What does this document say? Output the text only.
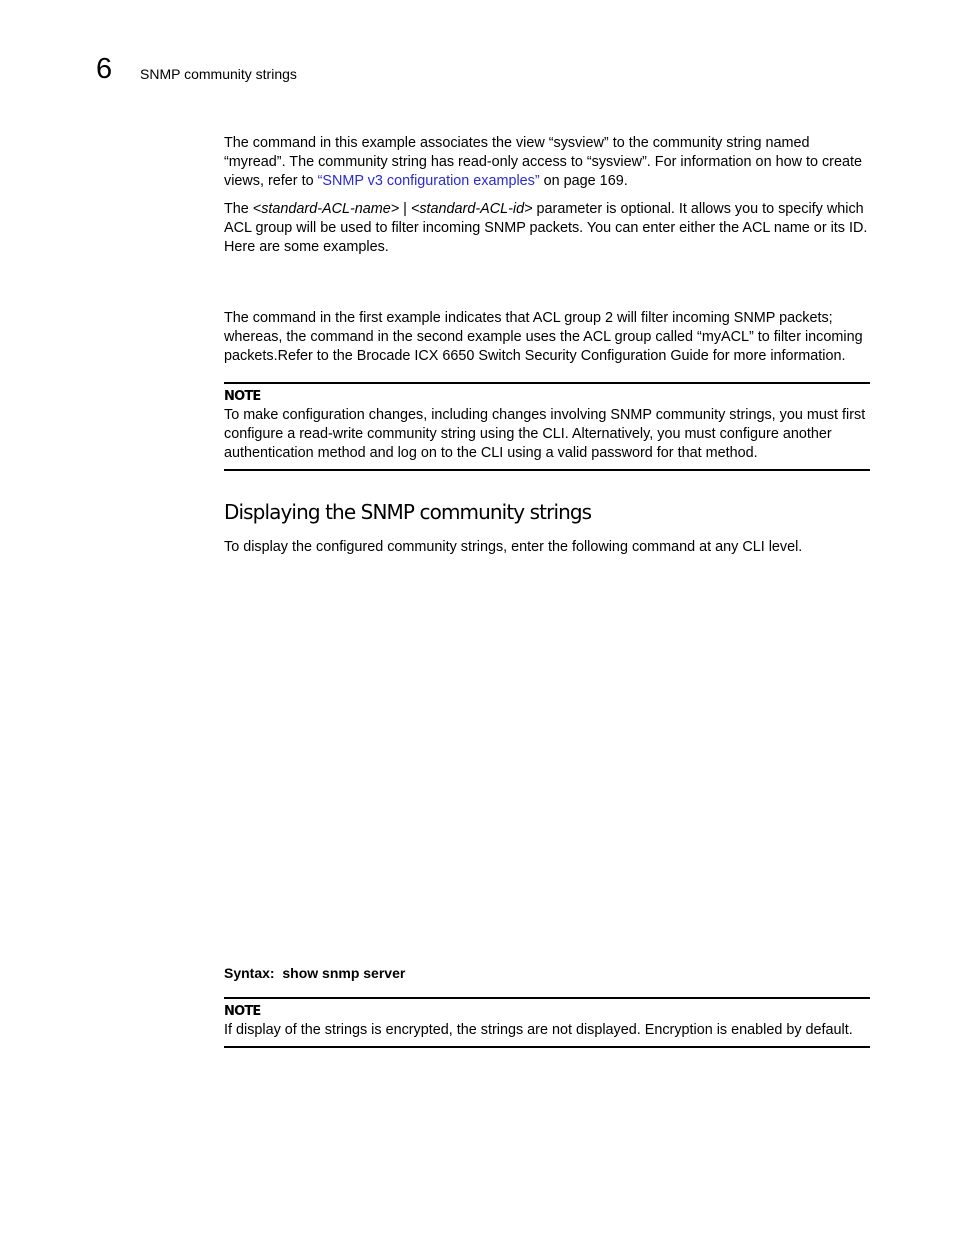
6 SNMP community strings

The command in this example associates the view “sysview” to the community string named “myread”. The community string has read-only access to “sysview”. For information on how to create views, refer to “SNMP v3 configuration examples” on page 169.

The <standard-ACL-name> | <standard-ACL-id> parameter is optional. It allows you to specify which ACL group will be used to filter incoming SNMP packets. You can enter either the ACL name or its ID. Here are some examples.

The command in the first example indicates that ACL group 2 will filter incoming SNMP packets; whereas, the command in the second example uses the ACL group called “myACL” to filter incoming packets.Refer to the Brocade ICX 6650 Switch Security Configuration Guide for more information.

NOTE
To make configuration changes, including changes involving SNMP community strings, you must first configure a read-write community string using the CLI. Alternatively, you must configure another authentication method and log on to the CLI using a valid password for that method.
Displaying the SNMP community strings

To display the configured community strings, enter the following command at any CLI level.

Syntax: show snmp server
NOTE
If display of the strings is encrypted, the strings are not displayed. Encryption is enabled by default.
